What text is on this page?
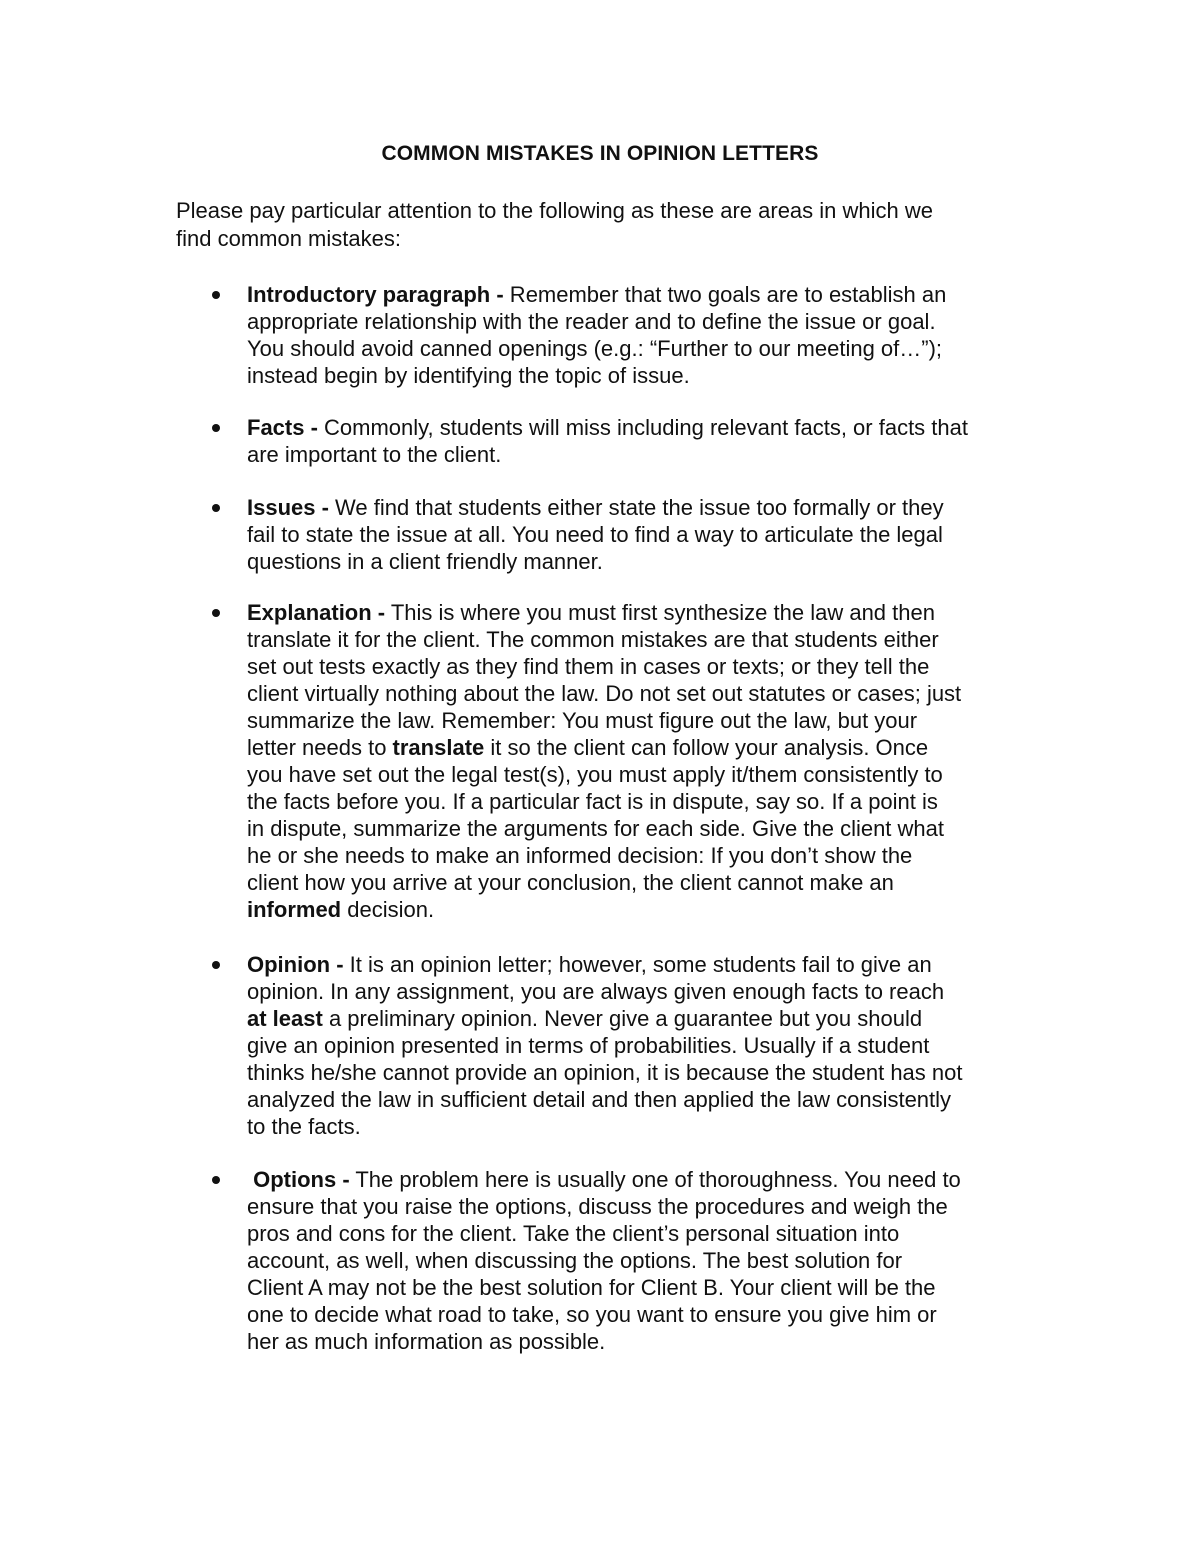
COMMON MISTAKES IN OPINION LETTERS

Please pay particular attention to the following as these are areas in which we
find common mistakes:

Introductory paragraph - Remember that two goals are to establish an
appropriate relationship with the reader and to define the issue or goal.
You should avoid canned openings (e.g.: “Further to our meeting of…”);
instead begin by identifying the topic of issue.
Facts - Commonly, students will miss including relevant facts, or facts that
are important to the client.
Issues - We find that students either state the issue too formally or they
fail to state the issue at all. You need to find a way to articulate the legal
questions in a client friendly manner.
Explanation - This is where you must first synthesize the law and then
translate it for the client. The common mistakes are that students either
set out tests exactly as they find them in cases or texts; or they tell the
client virtually nothing about the law. Do not set out statutes or cases; just
summarize the law. Remember: You must figure out the law, but your
letter needs to translate it so the client can follow your analysis. Once
you have set out the legal test(s), you must apply it/them consistently to
the facts before you. If a particular fact is in dispute, say so. If a point is
in dispute, summarize the arguments for each side. Give the client what
he or she needs to make an informed decision: If you don’t show the
client how you arrive at your conclusion, the client cannot make an
informed decision.
Opinion - It is an opinion letter; however, some students fail to give an
opinion. In any assignment, you are always given enough facts to reach
at least a preliminary opinion. Never give a guarantee but you should
give an opinion presented in terms of probabilities. Usually if a student
thinks he/she cannot provide an opinion, it is because the student has not
analyzed the law in sufficient detail and then applied the law consistently
to the facts.
Options - The problem here is usually one of thoroughness. You need to
ensure that you raise the options, discuss the procedures and weigh the
pros and cons for the client. Take the client’s personal situation into
account, as well, when discussing the options. The best solution for
Client A may not be the best solution for Client B. Your client will be the
one to decide what road to take, so you want to ensure you give him or
her as much information as possible.
